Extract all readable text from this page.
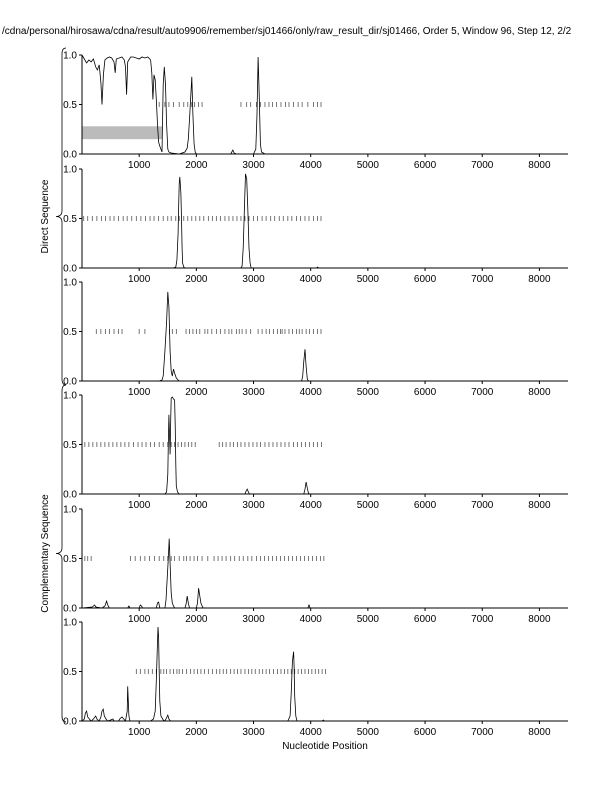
/cdna/personal/hirosawa/cdna/result/auto9906/remember/sj01466/only/raw_result_dir/sj01466, Order 5, Window 96, Step 12, 2/2
0.0
0.5
1.0
1000	2000	3000	4000	5000	6000	7000	8000
0.0
0.5
1.0
1000	2000	3000	4000	5000	6000	7000	8000
0.0
0.5
1.0
1000	2000	3000	4000	5000	6000	7000	8000
0.0
0.5
1.0
1000	2000	3000	4000	5000	6000	7000	8000
0.0
0.5
1.0
1000	2000	3000	4000	5000	6000	7000	8000
0.0
0.5
1.0
1000	2000	3000	4000	5000	6000	7000	8000
Nucleotide Position
Direct Sequence
Complementary Sequence
